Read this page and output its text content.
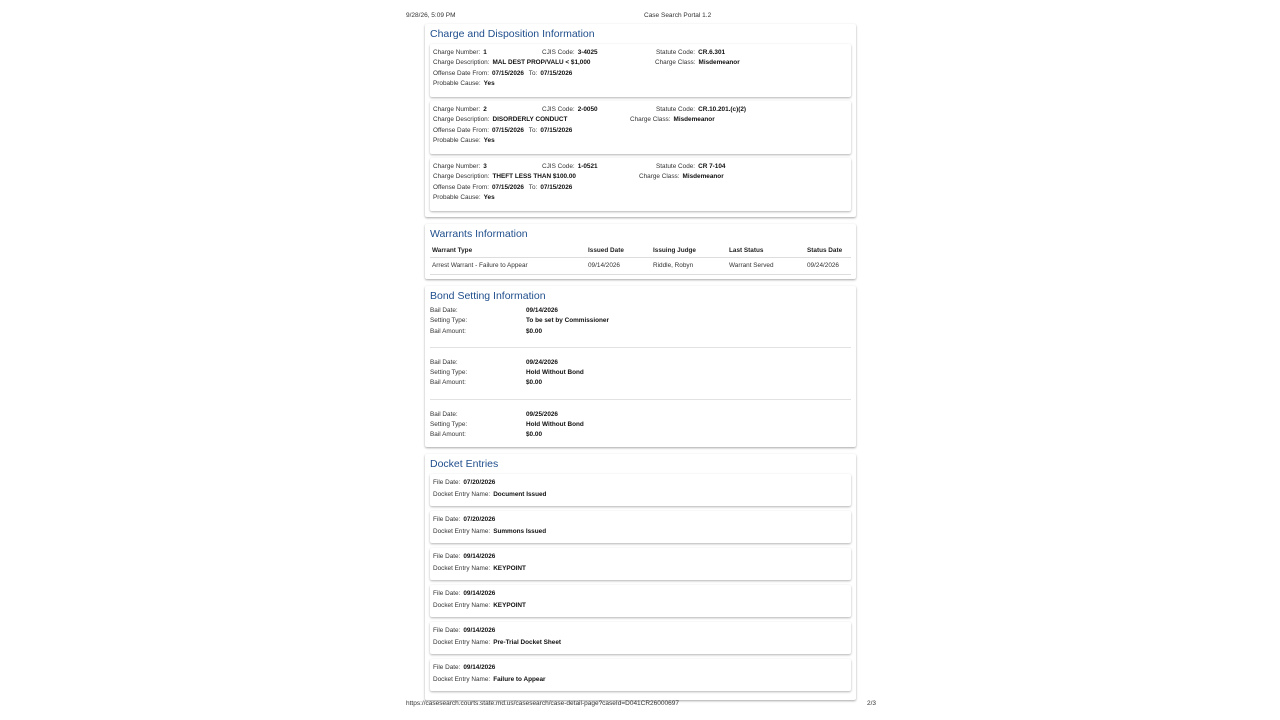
9/28/26, 5:09 PM	Case Search Portal 1.2
Charge and Disposition Information
Charge Number: 1	CJIS Code: 3-4025	Statute Code: CR.6.301
Charge Description: MAL DEST PROP/VALU < $1,000	Charge Class: Misdemeanor
Offense Date From: 07/15/2026 To: 07/15/2026
Probable Cause: Yes
Charge Number: 2	CJIS Code: 2-0050	Statute Code: CR.10.201.(c)(2)
Charge Description: DISORDERLY CONDUCT	Charge Class: Misdemeanor
Offense Date From: 07/15/2026 To: 07/15/2026
Probable Cause: Yes
Charge Number: 3	CJIS Code: 1-0521	Statute Code: CR 7-104
Charge Description: THEFT LESS THAN $100.00	Charge Class: Misdemeanor
Offense Date From: 07/15/2026 To: 07/15/2026
Probable Cause: Yes
Warrants Information
Warrant Type	Issued Date	Issuing Judge	Last Status	Status Date
Arrest Warrant - Failure to Appear	09/14/2026	Riddle, Robyn	Warrant Served	09/24/2026
Bond Setting Information
Bail Date:	09/14/2026
Setting Type:	To be set by Commissioner
Bail Amount:	$0.00
Bail Date:	09/24/2026
Setting Type:	Hold Without Bond
Bail Amount:	$0.00
Bail Date:	09/25/2026
Setting Type:	Hold Without Bond
Bail Amount:	$0.00
Docket Entries
File Date: 07/20/2026
Docket Entry Name: Document Issued
File Date: 07/20/2026
Docket Entry Name: Summons Issued
File Date: 09/14/2026
Docket Entry Name: KEYPOINT
File Date: 09/14/2026
Docket Entry Name: KEYPOINT
File Date: 09/14/2026
Docket Entry Name: Pre-Trial Docket Sheet
File Date: 09/14/2026
Docket Entry Name: Failure to Appear
https://casesearch.courts.state.md.us/casesearch/case-detail-page?caseId=D041CR26000697	2/3
